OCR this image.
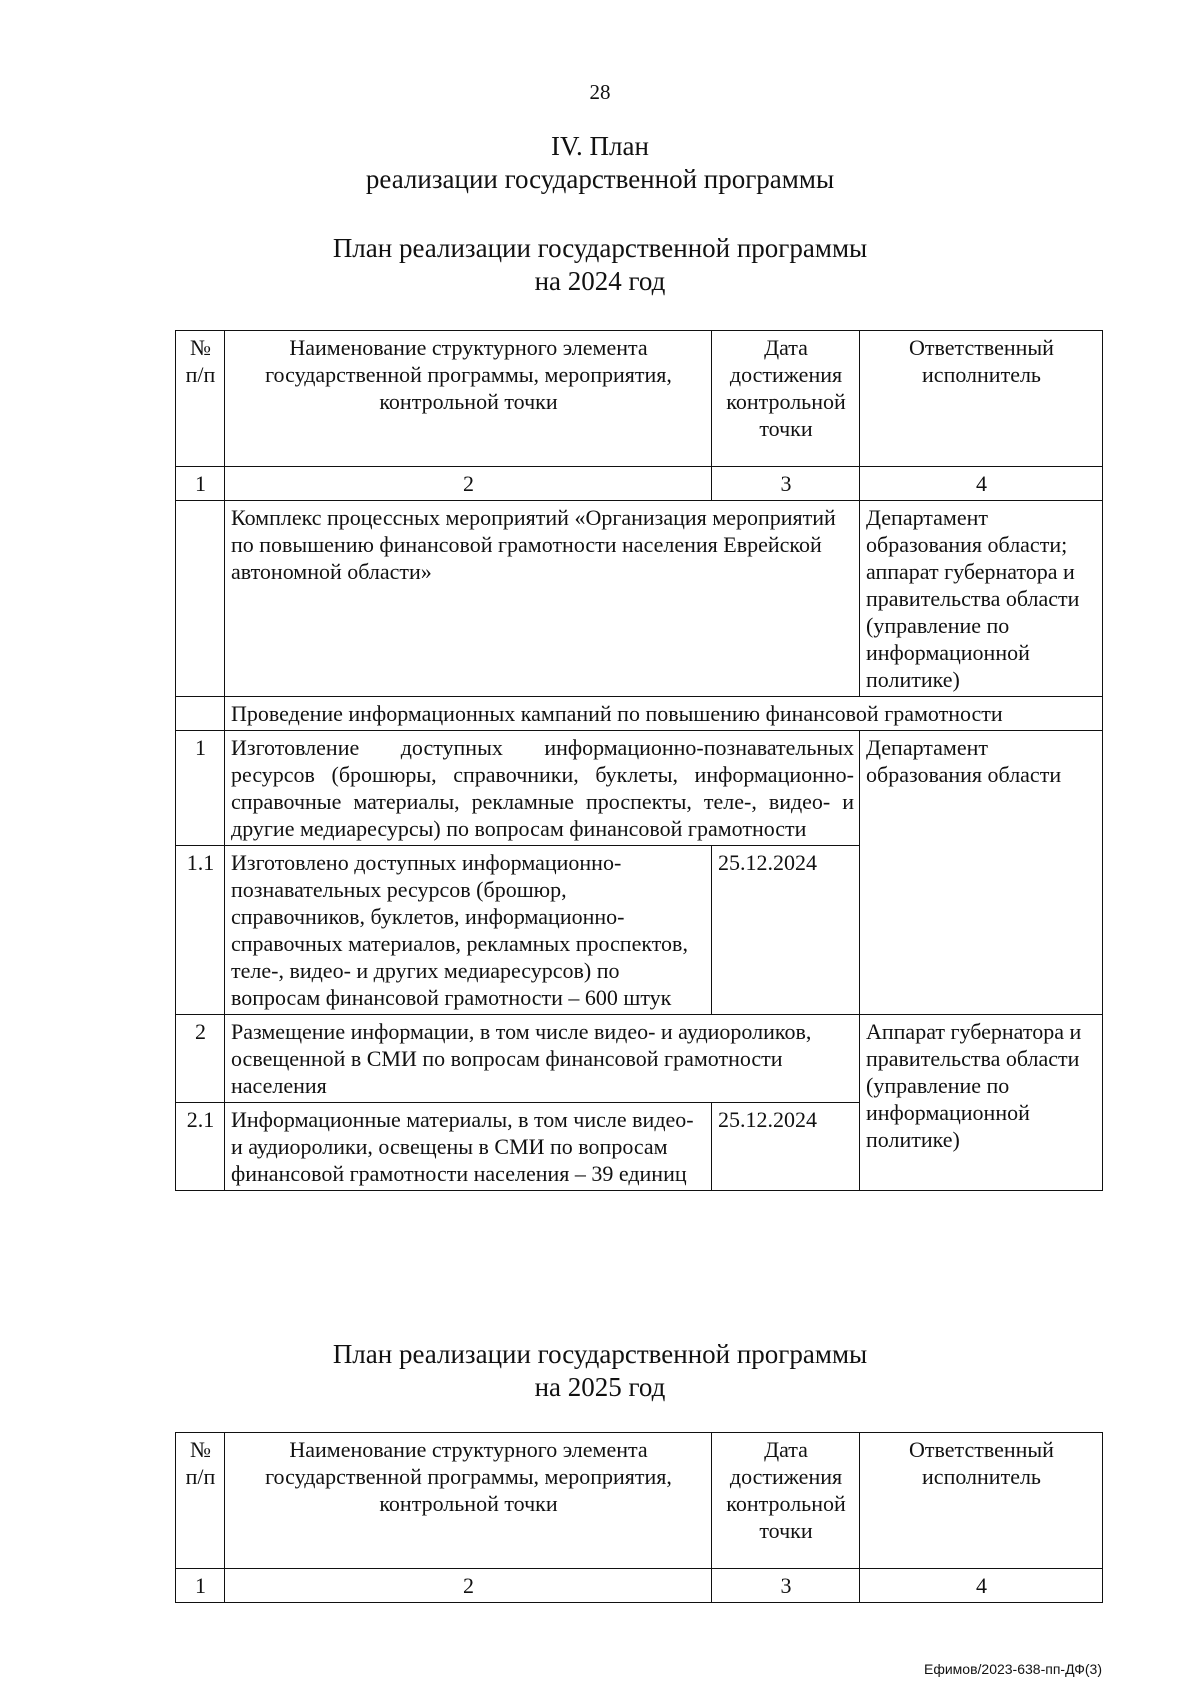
28
IV. План
реализации государственной программы
План реализации государственной программы
на 2024 год
№ п/п	Наименование структурного элемента государственной программы, мероприятия, контрольной точки	Дата достижения контрольной точки	Ответственный исполнитель
1	2	3	4
	Комплекс процессных мероприятий «Организация мероприятий по повышению финансовой грамотности населения Еврейской автономной области»		Департамент образования области; аппарат губернатора и правительства области (управление по информационной политике)
	Проведение информационных кампаний по повышению финансовой грамотности		
1	Изготовление доступных информационно-познавательных ресурсов (брошюры, справочники, буклеты, информационно-справочные материалы, рекламные проспекты, теле-, видео- и другие медиаресурсы) по вопросам финансовой грамотности		Департамент образования области
1.1	Изготовлено доступных информационно-познавательных ресурсов (брошюр, справочников, буклетов, информационно-справочных материалов, рекламных проспектов, теле-, видео- и других медиаресурсов) по вопросам финансовой грамотности – 600 штук	25.12.2024	
2	Размещение информации, в том числе видео- и аудиороликов, освещенной в СМИ по вопросам финансовой грамотности населения		Аппарат губернатора и правительства области (управление по информационной политике)
2.1	Информационные материалы, в том числе видео- и аудиоролики, освещены в СМИ по вопросам финансовой грамотности населения – 39 единиц	25.12.2024	
План реализации государственной программы
на 2025 год
№ п/п	Наименование структурного элемента государственной программы, мероприятия, контрольной точки	Дата достижения контрольной точки	Ответственный исполнитель
1	2	3	4
Ефимов/2023-638-пп-ДФ(3)
